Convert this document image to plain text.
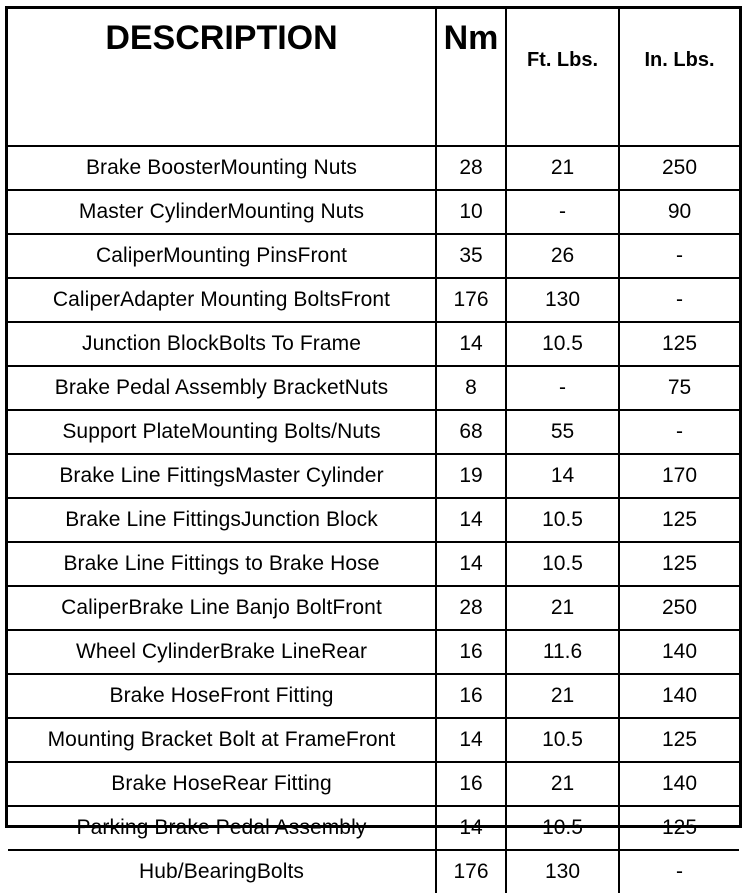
DESCRIPTION	Nm	Ft. Lbs.	In. Lbs.
Brake BoosterMounting Nuts	28	21	250
Master CylinderMounting Nuts	10	-	90
CaliperMounting PinsFront	35	26	-
CaliperAdapter Mounting BoltsFront	176	130	-
Junction BlockBolts To Frame	14	10.5	125
Brake Pedal Assembly BracketNuts	8	-	75
Support PlateMounting Bolts/Nuts	68	55	-
Brake Line FittingsMaster Cylinder	19	14	170
Brake Line FittingsJunction Block	14	10.5	125
Brake Line Fittings to Brake Hose	14	10.5	125
CaliperBrake Line Banjo BoltFront	28	21	250
Wheel CylinderBrake LineRear	16	11.6	140
Brake HoseFront Fitting	16	21	140
Mounting Bracket Bolt at FrameFront	14	10.5	125
Brake HoseRear Fitting	16	21	140
Parking Brake Pedal Assembly	14	10.5	125
Hub/BearingBolts	176	130	-
